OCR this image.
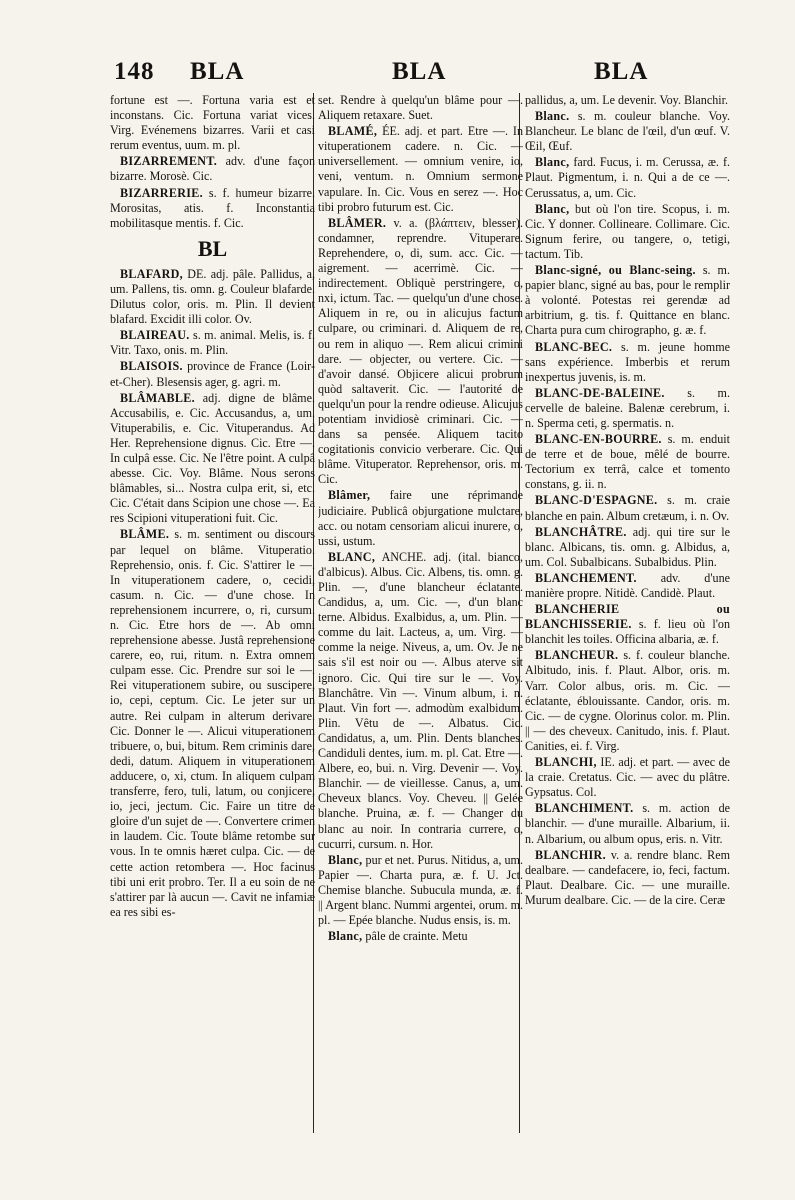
148 BLA	BLA	BLA

fortune est —. Fortuna varia est et inconstans. Cic. Fortuna variat vices. Virg. Evénemens bizarres. Varii et casi rerum eventus, uum. m. pl.

BIZARREMENT. adv. d'une façon bizarre. Morosè. Cic.

BIZARRERIE. s. f. humeur bizarre. Morositas, atis. f. Inconstantia mobilitasque mentis. f. Cic.

BL

BLAFARD, DE. adj. pâle. Pallidus, a, um. Pallens, tis. omn. g. Couleur blafarde. Dilutus color, oris. m. Plin. Il devient blafard. Excidit illi color. Ov.

BLAIREAU. s. m. animal. Melis, is. f. Vitr. Taxo, onis. m. Plin.

BLAISOIS. province de France (Loir-et-Cher). Blesensis ager, g. agri. m.

BLÂMABLE. adj. digne de blâme. Accusabilis, e. Cic. Accusandus, a, um. Vituperabilis, e. Cic. Vituperandus. Ad Her. Reprehensione dignus. Cic. Etre —. In culpâ esse. Cic. Ne l'être point. A culpâ abesse. Cic. Voy. Blâme. Nous serons blâmables, si... Nostra culpa erit, si, etc. Cic. C'était dans Scipion une chose —. Ea res Scipioni vituperationi fuit. Cic.

BLÂME. s. m. sentiment ou discours par lequel on blâme. Vituperatio. Reprehensio, onis. f. Cic. S'attirer le —. In vituperationem cadere, o, cecidi, casum. n. Cic. — d'une chose. In reprehensionem incurrere, o, ri, cursum. n. Cic. Etre hors de —. Ab omni reprehensione abesse. Justâ reprehensione carere, eo, rui, ritum. n. Extra omnem culpam esse. Cic. Prendre sur soi le —. Rei vituperationem subire, ou suscipere, io, cepi, ceptum. Cic. Le jeter sur un autre. Rei culpam in alterum derivare. Cic. Donner le —. Alicui vituperationem tribuere, o, bui, bitum. Rem criminis dare, dedi, datum. Aliquem in vituperationem adducere, o, xi, ctum. In aliquem culpam transferre, fero, tuli, latum, ou conjicere, io, jeci, jectum. Cic. Faire un titre de gloire d'un sujet de —. Convertere crimen in laudem. Cic. Toute blâme retombe sur vous. In te omnis hæret culpa. Cic. — de cette action retombera —. Hoc facinus tibi uni erit probro. Ter. Il a eu soin de ne s'attirer par là aucun —. Cavit ne infamiæ ea res sibi es-

set. Rendre à quelqu'un blâme pour —. Aliquem retaxare. Suet.

BLAMÉ, ÉE. adj. et part. Etre —. In vituperationem cadere. n. Cic. — universellement. — omnium venire, io, veni, ventum. n. Omnium sermone vapulare. In. Cic. Vous en serez —. Hoc tibi probro futurum est. Cic.

BLÂMER. v. a. (βλάπτειν, blesser). condamner, reprendre. Vituperare. Reprehendere, o, di, sum. acc. Cic. — aigrement. — acerrimè. Cic. — indirectement. Obliquè perstringere, o, nxi, ictum. Tac. — quelqu'un d'une chose. Aliquem in re, ou in alicujus factum culpare, ou criminari. d. Aliquem de re, ou rem in aliquo —. Rem alicui crimini dare. — objecter, ou vertere. Cic. — d'avoir dansé. Objicere alicui probrum quòd saltaverit. Cic. — l'autorité de quelqu'un pour la rendre odieuse. Alicujus potentiam invidiosè criminari. Cic. — dans sa pensée. Aliquem tacito cogitationis convicio verberare. Cic. Qui blâme. Vituperator. Reprehensor, oris. m. Cic.

Blâmer, faire une réprimande judiciaire. Publicâ objurgatione mulctare, acc. ou notam censoriam alicui inurere, o, ussi, ustum.

BLANC, ANCHE. adj. (ital. bianco, d'albicus). Albus. Cic. Albens, tis. omn. g. Plin. —, d'une blancheur éclatante. Candidus, a, um. Cic. —, d'un blanc terne. Albidus. Exalbidus, a, um. Plin. — comme du lait. Lacteus, a, um. Virg. — comme la neige. Niveus, a, um. Ov. Je ne sais s'il est noir ou —. Albus aterve sit ignoro. Cic. Qui tire sur le —. Voy. Blanchâtre. Vin —. Vinum album, i. n. Plaut. Vin fort —. admodùm exalbidum. Plin. Vêtu de —. Albatus. Cic. Candidatus, a, um. Plin. Dents blanches. Candiduli dentes, ium. m. pl. Cat. Etre —. Albere, eo, bui. n. Virg. Devenir —. Voy. Blanchir. — de vieillesse. Canus, a, um. Cheveux blancs. Voy. Cheveu. || Gelée blanche. Pruina, æ. f. — Changer du blanc au noir. In contraria currere, o, cucurri, cursum. n. Hor.

Blanc, pur et net. Purus. Nitidus, a, um. Papier —. Charta pura, æ. f. U. Jct. Chemise blanche. Subucula munda, æ. f. || Argent blanc. Nummi argentei, orum. m. pl. — Epée blanche. Nudus ensis, is. m.

Blanc, pâle de crainte. Metu

pallidus, a, um. Le devenir. Voy. Blanchir.

Blanc. s. m. couleur blanche. Voy. Blancheur. Le blanc de l'œil, d'un œuf. V. Œil, Œuf.

Blanc, fard. Fucus, i. m. Cerussa, æ. f. Plaut. Pigmentum, i. n. Qui a de ce —. Cerussatus, a, um. Cic.

Blanc, but où l'on tire. Scopus, i. m. Cic. Y donner. Collineare. Collimare. Cic. Signum ferire, ou tangere, o, tetigi, tactum. Tib.

Blanc-signé, ou Blanc-seing. s. m. papier blanc, signé au bas, pour le remplir à volonté. Potestas rei gerendæ ad arbitrium, g. tis. f. Quittance en blanc. Charta pura cum chirographo, g. æ. f.

BLANC-BEC. s. m. jeune homme sans expérience. Imberbis et rerum inexpertus juvenis, is. m.

BLANC-DE-BALEINE. s. m. cervelle de baleine. Balenæ cerebrum, i. n. Sperma ceti, g. spermatis. n.

BLANC-EN-BOURRE. s. m. enduit de terre et de boue, mêlé de bourre. Tectorium ex terrâ, calce et tomento constans, g. ii. n.

BLANC-D'ESPAGNE. s. m. craie blanche en pain. Album cretæum, i. n. Ov.

BLANCHÂTRE. adj. qui tire sur le blanc. Albicans, tis. omn. g. Albidus, a, um. Col. Subalbicans. Subalbidus. Plin.

BLANCHEMENT. adv. d'une manière propre. Nitidè. Candidè. Plaut.

BLANCHERIE ou BLANCHISSERIE. s. f. lieu où l'on blanchit les toiles. Officina albaria, æ. f.

BLANCHEUR. s. f. couleur blanche. Albitudo, inis. f. Plaut. Albor, oris. m. Varr. Color albus, oris. m. Cic. — éclatante, éblouissante. Candor, oris. m. Cic. — de cygne. Olorinus color. m. Plin. || — des cheveux. Canitudo, inis. f. Plaut. Canities, ei. f. Virg.

BLANCHI, IE. adj. et part. — avec de la craie. Cretatus. Cic. — avec du plâtre. Gypsatus. Col.

BLANCHIMENT. s. m. action de blanchir. — d'une muraille. Albarium, ii. n. Albarium, ou album opus, eris. n. Vitr.

BLANCHIR. v. a. rendre blanc. Rem dealbare. — candefacere, io, feci, factum. Plaut. Dealbare. Cic. — une muraille. Murum dealbare. Cic. — de la cire. Ceræ
